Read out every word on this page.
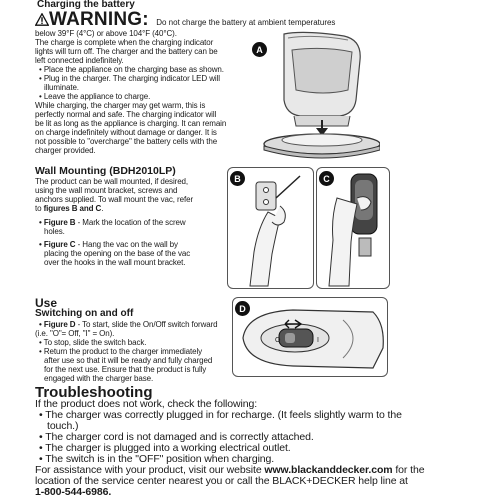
Charging the battery
WARNING: Do not charge the battery at ambient temperatures
below 39°F (4°C) or above 104°F (40°C).
The charge is complete when the charging indicator
lights will turn off. The charger and the battery can be
left connected indefinitely.
• Place the appliance on the charging base as shown.
• Plug in the charger. The charging indicator LED will
illuminate.
• Leave the appliance to charge.
While charging, the charger may get warm, this is
perfectly normal and safe. The charging indicator will
be lit as long as the appliance is charging. It can remain
on charge indefinitely without damage or danger. It is
not possible to "overcharge" the battery cells with the
charger provided.
A
Wall Mounting (BDH2010LP)
The product can be wall mounted, if desired,
using the wall mount bracket, screws and
anchors supplied. To wall mount the vac, refer
to figures B and C.
• Figure B - Mark the location of the screw
holes.
• Figure C - Hang the vac on the wall by
placing the opening on the base of the vac
over the hooks in the wall mount bracket.
B	C
Use
Switching on and off
• Figure D - To start, slide the On/Off switch forward
(i.e. "O"= Off, "I" = On).
• To stop, slide the switch back.
• Return the product to the charger immediately
after use so that it will be ready and fully charged
for the next use. Ensure that the product is fully
engaged with the charger base.
O	I
D
Troubleshooting
If the product does not work, check the following:
• The charger was correctly plugged in for recharge. (It feels slightly warm to the
touch.)
• The charger cord is not damaged and is correctly attached.
• The charger is plugged into a working electrical outlet.
• The switch is in the "OFF" position when charging.
For assistance with your product, visit our website www.blackanddecker.com for the
location of the service center nearest you or call the BLACK+DECKER help line at
1-800-544-6986.
